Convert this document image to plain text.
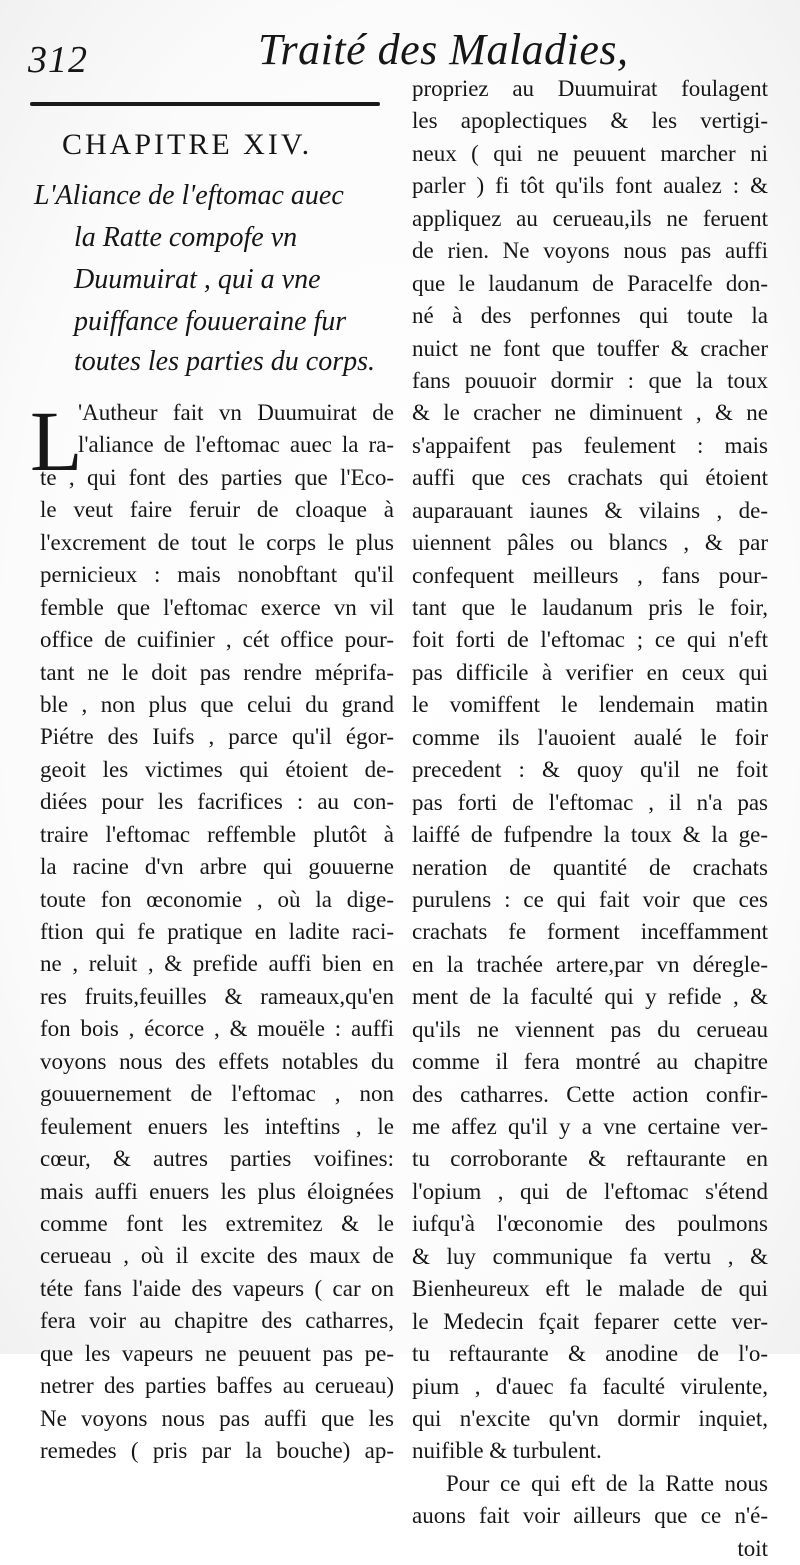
312	Traité des Maladies,
CHAPITRE XIV.
L'Aliance de l'eftomac auec
la Ratte compofe vn
Duumuirat , qui a vne
puiffance fouueraine fur
toutes les parties du corps.
L
'Autheur fait vn Duumuirat de
l'aliance de l'eftomac auec la ra-
te , qui font des parties que l'Eco-
le veut faire feruir de cloaque à
l'excrement de tout le corps le plus
pernicieux : mais nonobftant qu'il
femble que l'eftomac exerce vn vil
office de cuifinier , cét office pour-
tant ne le doit pas rendre méprifa-
ble , non plus que celui du grand
Piétre des Iuifs , parce qu'il égor-
geoit les victimes qui étoient de-
diées pour les facrifices : au con-
traire l'eftomac reffemble plutôt à
la racine d'vn arbre qui gouuerne
toute fon œconomie , où la dige-
ftion qui fe pratique en ladite raci-
ne , reluit , & prefide auffi bien en
res fruits,feuilles & rameaux,qu'en
fon bois , écorce , & mouële : auffi
voyons nous des effets notables du
gouuernement de l'eftomac , non
feulement enuers les inteftins , le
cœur, & autres parties voifines:
mais auffi enuers les plus éloignées
comme font les extremitez & le
cerueau , où il excite des maux de
téte fans l'aide des vapeurs ( car on
fera voir au chapitre des catharres,
que les vapeurs ne peuuent pas pe-
netrer des parties baffes au cerueau)
Ne voyons nous pas auffi que les
remedes ( pris par la bouche) ap-
propriez au Duumuirat foulagent
les apoplectiques & les vertigi-
neux ( qui ne peuuent marcher ni
parler ) fi tôt qu'ils font aualez : &
appliquez au cerueau,ils ne feruent
de rien. Ne voyons nous pas auffi
que le laudanum de Paracelfe don-
né à des perfonnes qui toute la
nuict ne font que touffer & cracher
fans pouuoir dormir : que la toux
& le cracher ne diminuent , & ne
s'appaifent pas feulement : mais
auffi que ces crachats qui étoient
auparauant iaunes & vilains , de-
uiennent pâles ou blancs , & par
confequent meilleurs , fans pour-
tant que le laudanum pris le foir,
foit forti de l'eftomac ; ce qui n'eft
pas difficile à verifier en ceux qui
le vomiffent le lendemain matin
comme ils l'auoient aualé le foir
precedent : & quoy qu'il ne foit
pas forti de l'eftomac , il n'a pas
laiffé de fufpendre la toux & la ge-
neration de quantité de crachats
purulens : ce qui fait voir que ces
crachats fe forment inceffamment
en la trachée artere,par vn déregle-
ment de la faculté qui y refide , &
qu'ils ne viennent pas du cerueau
comme il fera montré au chapitre
des catharres. Cette action confir-
me affez qu'il y a vne certaine ver-
tu corroborante & reftaurante en
l'opium , qui de l'eftomac s'étend
iufqu'à l'œconomie des poulmons
& luy communique fa vertu , &
Bienheureux eft le malade de qui
le Medecin fçait feparer cette ver-
tu reftaurante & anodine de l'o-
pium , d'auec fa faculté virulente,
qui n'excite qu'vn dormir inquiet,
nuifible & turbulent.
Pour ce qui eft de la Ratte nous
auons fait voir ailleurs que ce n'é-
toit
